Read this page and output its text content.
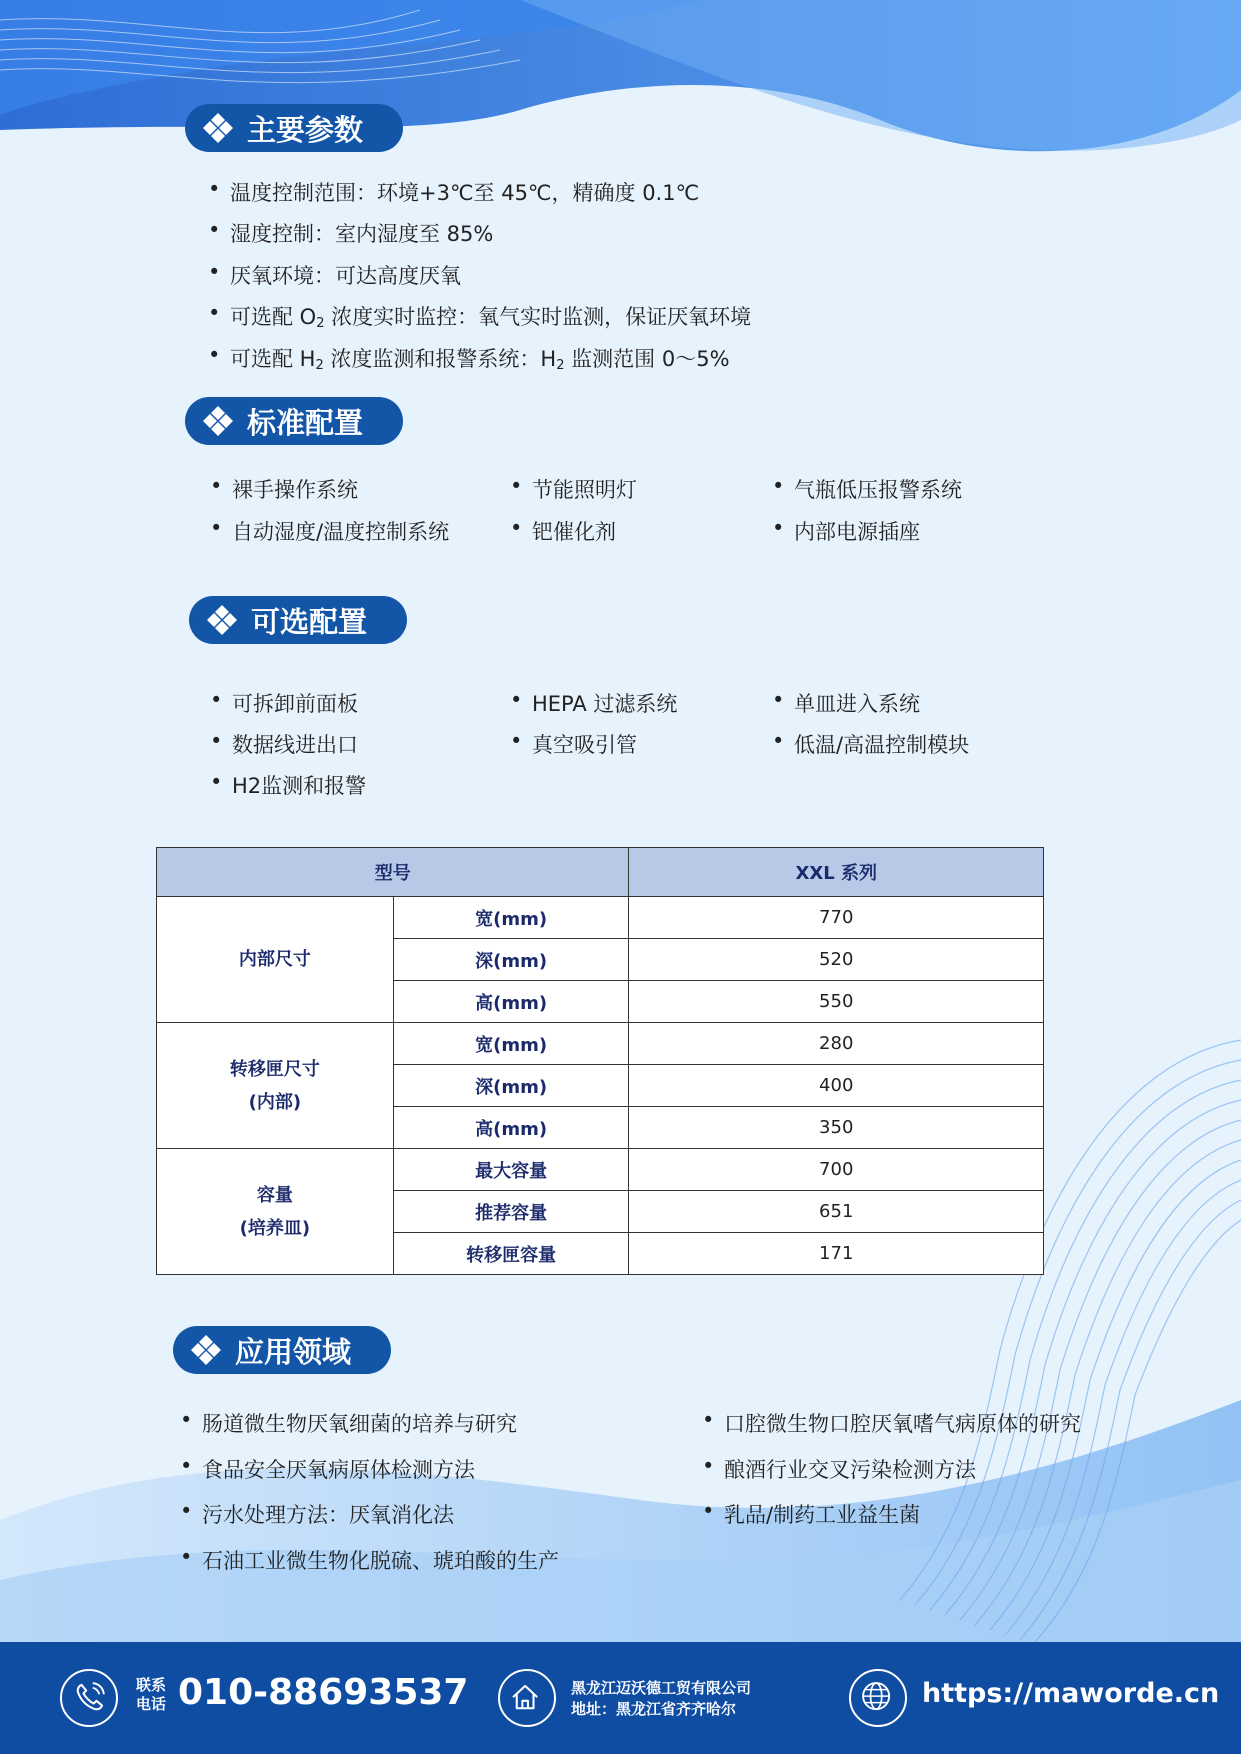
主要参数
• 温度控制范围：环境+3℃至 45℃，精确度 0.1℃
• 湿度控制：室内湿度至 85%
• 厌氧环境：可达高度厌氧
• 可选配 $O_2$ 浓度实时监控：氧气实时监测，保证厌氧环境
• 可选配 $H_2$ 浓度监测和报警系统：$H_2$ 监测范围 0～5%
标准配置
• 裸手操作系统	• 节能照明灯	• 气瓶低压报警系统
• 自动湿度/温度控制系统	• 钯催化剂	• 内部电源插座
可选配置
• 可拆卸前面板	• HEPA 过滤系统	• 单皿进入系统
• 数据线进出口	• 真空吸引管	• 低温/高温控制模块
• H2监测和报警
型号		XXL 系列

内部尺寸	宽(mm)	770
	深(mm)	520
	高(mm)	550

转移匣尺寸
(内部)	宽(mm)	280
	深(mm)	400
	高(mm)	350

容量
(培养皿)	最大容量	700
	推荐容量	651
	转移匣容量	171
应用领域
• 肠道微生物厌氧细菌的培养与研究	• 口腔微生物口腔厌氧嗜气病原体的研究
• 食品安全厌氧病原体检测方法	• 酿酒行业交叉污染检测方法
• 污水处理方法：厌氧消化法	• 乳品/制药工业益生菌
• 石油工业微生物化脱硫、琥珀酸的生产
联系
电话 010-88693537	黑龙江迈沃德工贸有限公司
地址：黑龙江省齐齐哈尔	https://maworde.cn
